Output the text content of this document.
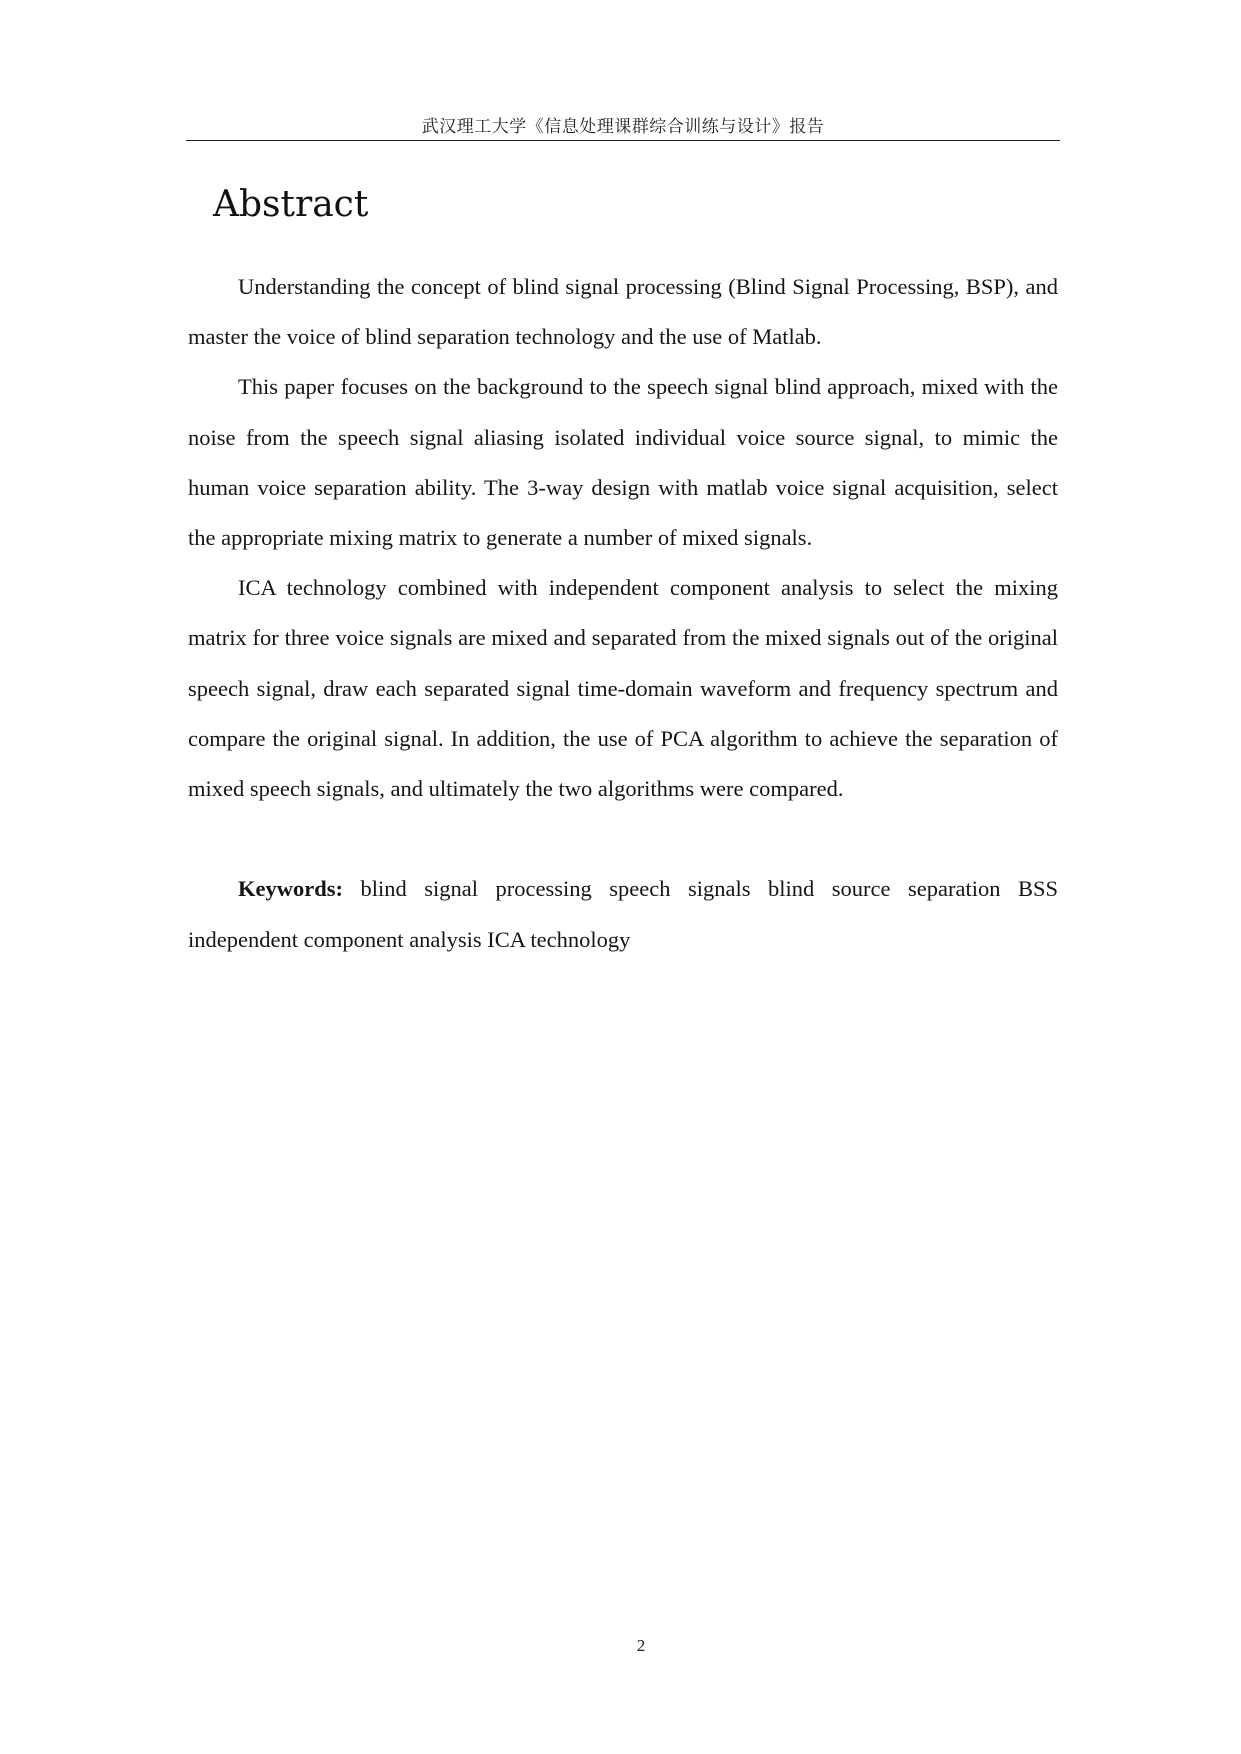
武汉理工大学《信息处理课群综合训练与设计》报告
Abstract

Understanding the concept of blind signal processing (Blind Signal Processing, BSP), and master the voice of blind separation technology and the use of Matlab.

This paper focuses on the background to the speech signal blind approach, mixed with the noise from the speech signal aliasing isolated individual voice source signal, to mimic the human voice separation ability. The 3-way design with matlab voice signal acquisition, select the appropriate mixing matrix to generate a number of mixed signals.

ICA technology combined with independent component analysis to select the mixing matrix for three voice signals are mixed and separated from the mixed signals out of the original speech signal, draw each separated signal time-domain waveform and frequency spectrum and compare the original signal. In addition, the use of PCA algorithm to achieve the separation of mixed speech signals, and ultimately the two algorithms were compared.

Keywords: blind signal processing speech signals blind source separation BSS independent component analysis ICA technology

2
